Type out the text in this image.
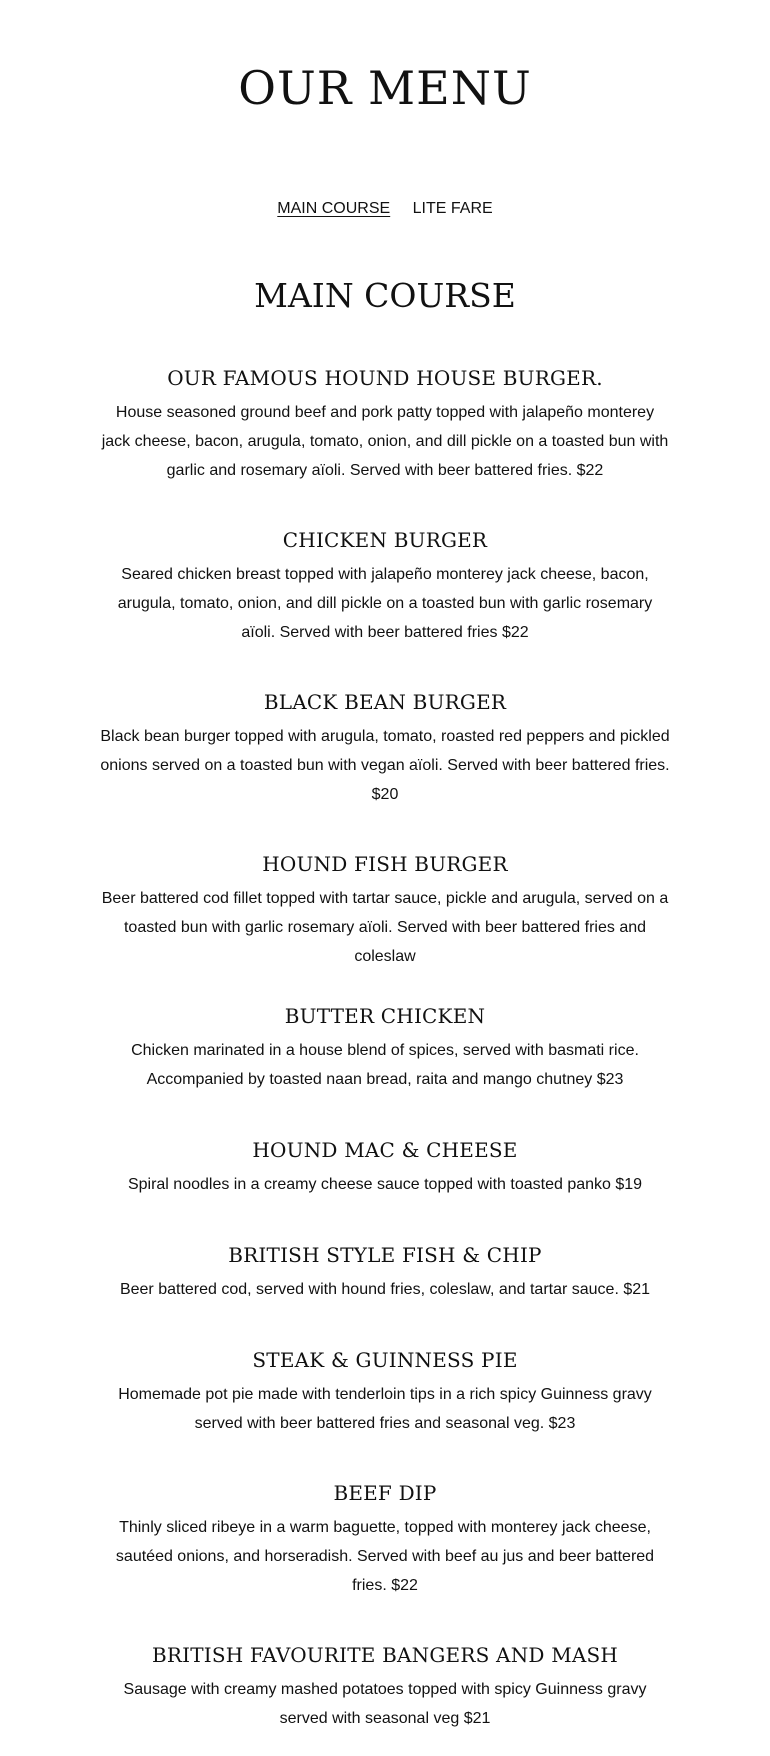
OUR MENU
MAIN COURSE LITE FARE
MAIN COURSE
OUR FAMOUS HOUND HOUSE BURGER.

House seasoned ground beef and pork patty topped with jalapeño monterey jack cheese, bacon, arugula, tomato, onion, and dill pickle on a toasted bun with garlic and rosemary aïoli. Served with beer battered fries. $22

CHICKEN BURGER

Seared chicken breast topped with jalapeño monterey jack cheese, bacon, arugula, tomato, onion, and dill pickle on a toasted bun with garlic rosemary aïoli. Served with beer battered fries $22

BLACK BEAN BURGER

Black bean burger topped with arugula, tomato, roasted red peppers and pickled onions served on a toasted bun with vegan aïoli. Served with beer battered fries. $20

HOUND FISH BURGER

Beer battered cod fillet topped with tartar sauce, pickle and arugula, served on a toasted bun with garlic rosemary aïoli. Served with beer battered fries and coleslaw

BUTTER CHICKEN

Chicken marinated in a house blend of spices, served with basmati rice. Accompanied by toasted naan bread, raita and mango chutney $23

HOUND MAC & CHEESE

Spiral noodles in a creamy cheese sauce topped with toasted panko $19

BRITISH STYLE FISH & CHIP

Beer battered cod, served with hound fries, coleslaw, and tartar sauce. $21

STEAK & GUINNESS PIE

Homemade pot pie made with tenderloin tips in a rich spicy Guinness gravy served with beer battered fries and seasonal veg. $23

BEEF DIP

Thinly sliced ribeye in a warm baguette, topped with monterey jack cheese, sautéed onions, and horseradish. Served with beef au jus and beer battered fries. $22

BRITISH FAVOURITE BANGERS AND MASH

Sausage with creamy mashed potatoes topped with spicy Guinness gravy served with seasonal veg $21
